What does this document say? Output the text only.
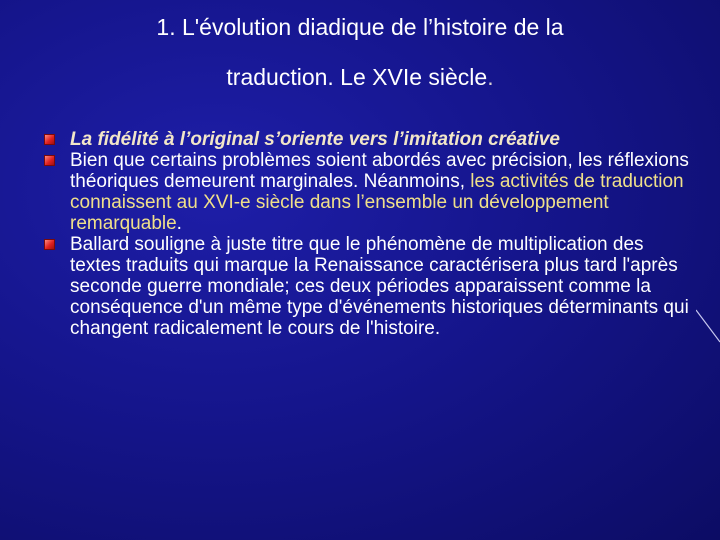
1. L'évolution diadique de l’histoire de la
traduction. Le XVIe siècle.
La fidélité à l’original s’oriente vers l’imitation créative
Bien que certains problèmes soient abordés avec précision, les réflexions théoriques demeurent marginales. Néanmoins, les activités de traduction connaissent au XVI-e siècle dans l’ensemble un développement remarquable.
Ballard souligne à juste titre que le phénomène de multiplication des textes traduits qui marque la Renaissance caractérisera plus tard l'après seconde guerre mondiale; ces deux périodes apparaissent comme la conséquence d'un même type d'événements historiques déterminants qui changent radicalement le cours de l'histoire.
